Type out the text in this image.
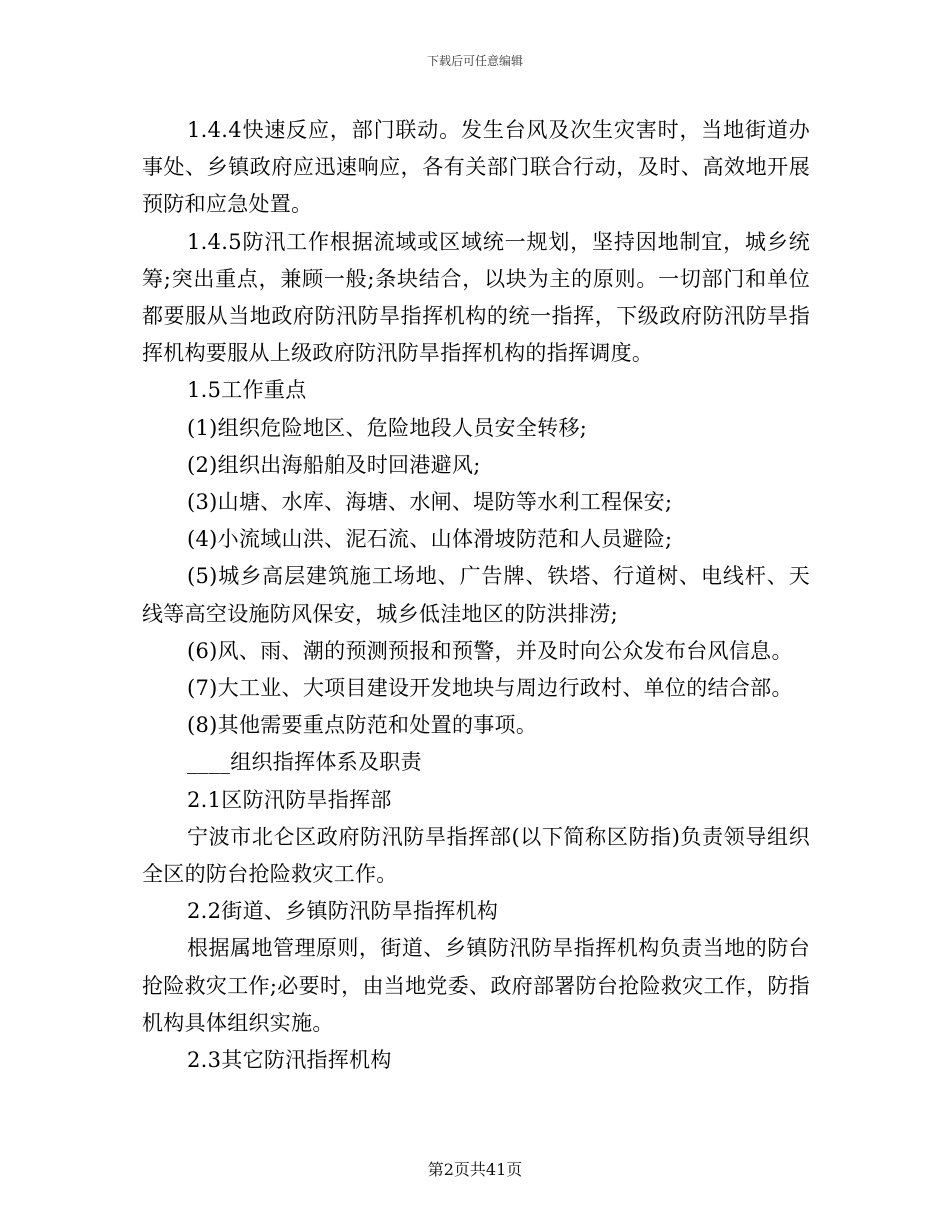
下载后可任意编辑

1.4.4快速反应，部门联动。发生台风及次生灾害时，当地街道办事处、乡镇政府应迅速响应，各有关部门联合行动，及时、高效地开展预防和应急处置。

1.4.5防汛工作根据流域或区域统一规划，坚持因地制宜，城乡统筹;突出重点，兼顾一般;条块结合，以块为主的原则。一切部门和单位都要服从当地政府防汛防旱指挥机构的统一指挥，下级政府防汛防旱指挥机构要服从上级政府防汛防旱指挥机构的指挥调度。

1.5工作重点

(1)组织危险地区、危险地段人员安全转移;

(2)组织出海船舶及时回港避风;

(3)山塘、水库、海塘、水闸、堤防等水利工程保安;

(4)小流域山洪、泥石流、山体滑坡防范和人员避险;

(5)城乡高层建筑施工场地、广告牌、铁塔、行道树、电线杆、天线等高空设施防风保安，城乡低洼地区的防洪排涝;

(6)风、雨、潮的预测预报和预警，并及时向公众发布台风信息。

(7)大工业、大项目建设开发地块与周边行政村、单位的结合部。

(8)其他需要重点防范和处置的事项。

____组织指挥体系及职责

2.1区防汛防旱指挥部

宁波市北仑区政府防汛防旱指挥部(以下简称区防指)负责领导组织全区的防台抢险救灾工作。

2.2街道、乡镇防汛防旱指挥机构

根据属地管理原则，街道、乡镇防汛防旱指挥机构负责当地的防台抢险救灾工作;必要时，由当地党委、政府部署防台抢险救灾工作，防指机构具体组织实施。

2.3其它防汛指挥机构

第2页共41页
